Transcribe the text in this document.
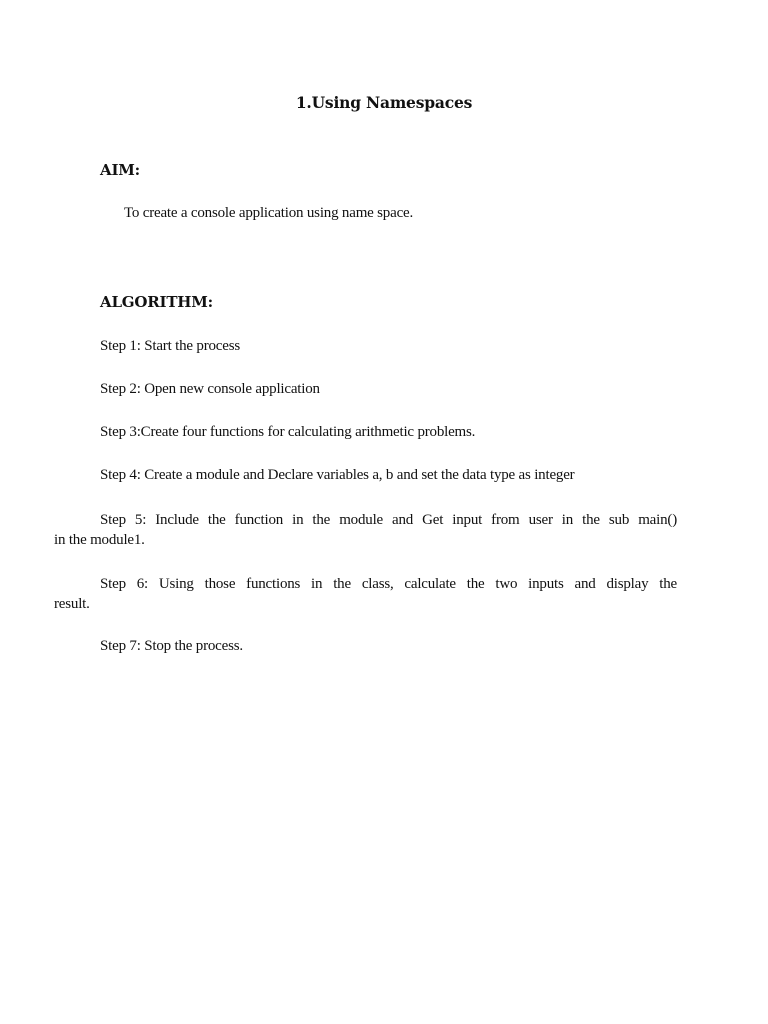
1.Using Namespaces
AIM:
To create a console application using name space.
ALGORITHM:
Step 1: Start the process
Step 2: Open new console application
Step 3:Create four functions for calculating arithmetic problems.
Step 4: Create a module and Declare variables a, b and set the data type as integer
Step 5: Include the function in the module and Get input from user in the sub main()
in the module1.
Step 6: Using those functions in the class, calculate the two inputs and display the
result.
Step 7: Stop the process.
